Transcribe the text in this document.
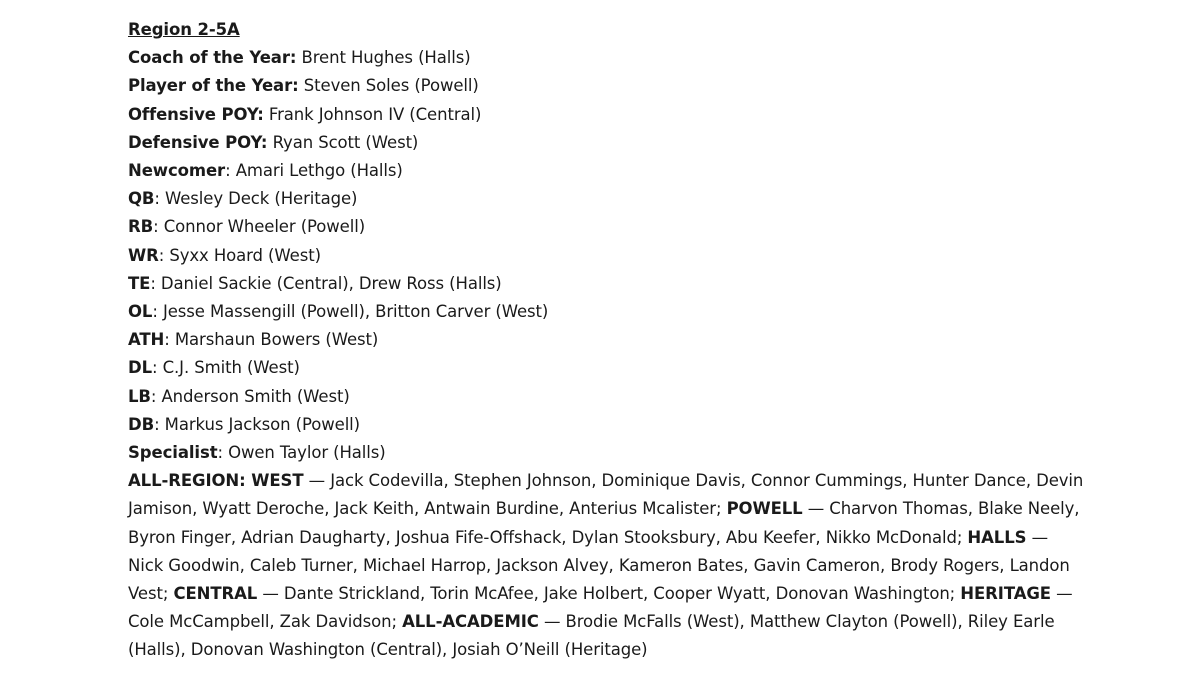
Region 2-5A
Coach of the Year: Brent Hughes (Halls)
Player of the Year: Steven Soles (Powell)
Offensive POY: Frank Johnson IV (Central)
Defensive POY: Ryan Scott (West)
Newcomer: Amari Lethgo (Halls)
QB: Wesley Deck (Heritage)
RB: Connor Wheeler (Powell)
WR: Syxx Hoard (West)
TE: Daniel Sackie (Central), Drew Ross (Halls)
OL: Jesse Massengill (Powell), Britton Carver (West)
ATH: Marshaun Bowers (West)
DL: C.J. Smith (West)
LB: Anderson Smith (West)
DB: Markus Jackson (Powell)
Specialist: Owen Taylor (Halls)
ALL-REGION: WEST — Jack Codevilla, Stephen Johnson, Dominique Davis, Connor Cummings, Hunter Dance, Devin Jamison, Wyatt Deroche, Jack Keith, Antwain Burdine, Anterius Mcalister; POWELL — Charvon Thomas, Blake Neely, Byron Finger, Adrian Daugharty, Joshua Fife-Offshack, Dylan Stooksbury, Abu Keefer, Nikko McDonald; HALLS — Nick Goodwin, Caleb Turner, Michael Harrop, Jackson Alvey, Kameron Bates, Gavin Cameron, Brody Rogers, Landon Vest; CENTRAL — Dante Strickland, Torin McAfee, Jake Holbert, Cooper Wyatt, Donovan Washington; HERITAGE — Cole McCampbell, Zak Davidson; ALL-ACADEMIC — Brodie McFalls (West), Matthew Clayton (Powell), Riley Earle (Halls), Donovan Washington (Central), Josiah O’Neill (Heritage)
